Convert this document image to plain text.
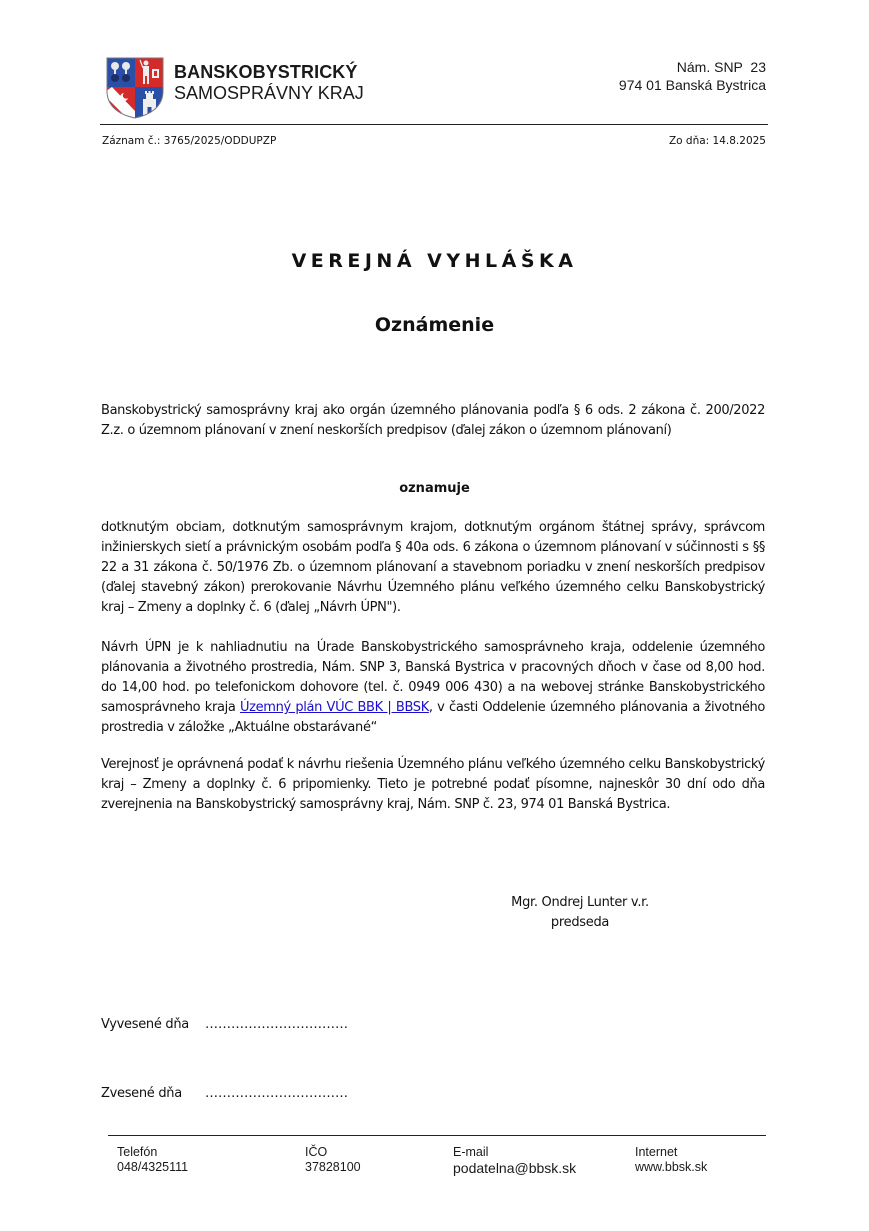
BANSKOBYSTRICKÝ
SAMOSPRÁVNY KRAJ
Nám. SNP  23
974 01 Banská Bystrica
Záznam č.: 3765/2025/ODDUPZP	Zo dňa: 14.8.2025
VEREJNÁ VYHLÁŠKA
Oznámenie
Banskobystrický samosprávny kraj ako orgán územného plánovania podľa § 6 ods. 2 zákona č. 200/2022 Z.z. o územnom plánovaní v znení neskorších predpisov (ďalej zákon o územnom plánovaní)
oznamuje
dotknutým obciam, dotknutým samosprávnym krajom, dotknutým orgánom štátnej správy, správcom inžinierskych sietí a právnickým osobám podľa § 40a ods. 6 zákona o územnom plánovaní v súčinnosti s §§ 22 a 31 zákona č. 50/1976 Zb. o územnom plánovaní a stavebnom poriadku v znení neskorších predpisov (ďalej stavebný zákon) prerokovanie Návrhu Územného plánu veľkého územného celku Banskobystrický kraj – Zmeny a doplnky č. 6 (ďalej „Návrh ÚPN").
Návrh ÚPN je k nahliadnutiu na Úrade Banskobystrického samosprávneho kraja, oddelenie územného plánovania a životného prostredia, Nám. SNP 3, Banská Bystrica v pracovných dňoch v čase od 8,00 hod. do 14,00 hod. po telefonickom dohovore (tel. č. 0949 006 430) a na webovej stránke Banskobystrického samosprávneho kraja Územný plán VÚC BBK | BBSK, v časti Oddelenie územného plánovania a životného prostredia v záložke „Aktuálne obstarávané“
Verejnosť je oprávnená podať k návrhu riešenia Územného plánu veľkého územného celku Banskobystrický kraj – Zmeny a doplnky č. 6 pripomienky. Tieto je potrebné podať písomne, najneskôr 30 dní odo dňa zverejnenia na Banskobystrický samosprávny kraj, Nám. SNP č. 23, 974 01 Banská Bystrica.
Mgr. Ondrej Lunter v.r.
predseda
Vyvesené dňa ……………………………
Zvesené dňa ……………………………
Telefón
048/4325111
IČO
37828100
E-mail
podatelna@bbsk.sk
Internet
www.bbsk.sk
